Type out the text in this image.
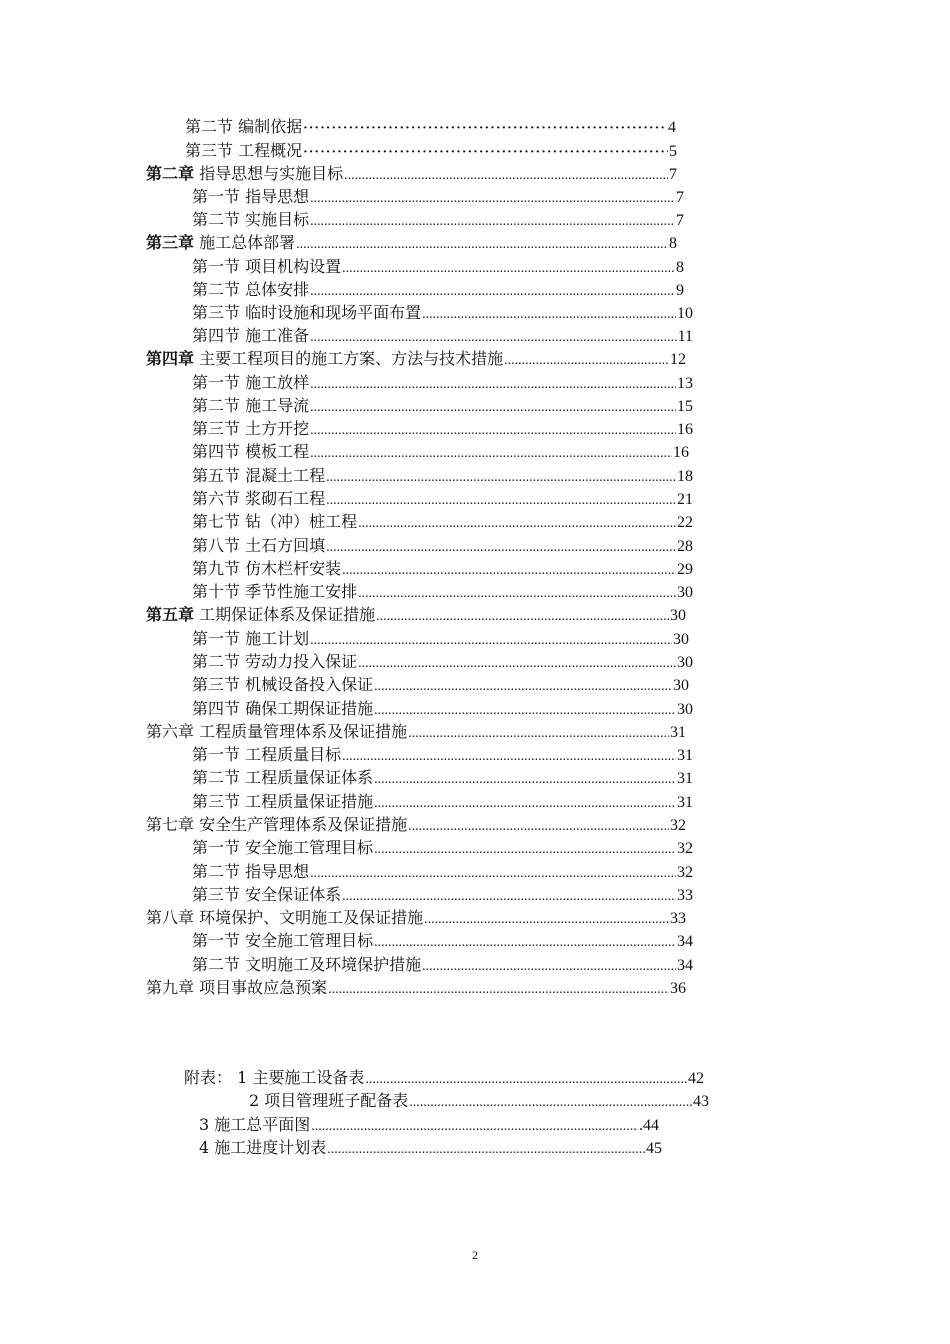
第二节 编制依据 ·····	4
第三节 工程概况 ·····	5
第二章 指导思想与实施目标 .....	7
第一节 指导思想 .....	7
第二节 实施目标 .....	7
第三章 施工总体部署 .....	8
第一节 项目机构设置 .....	8
第二节 总体安排 .....	9
第三节 临时设施和现场平面布置 .....	10
第四节 施工准备 .....	11
第四章 主要工程项目的施工方案、方法与技术措施 .....	12
第一节 施工放样 .....	13
第二节 施工导流 .....	15
第三节 土方开挖 .....	16
第四节 模板工程 .....	16
第五节 混凝土工程 .....	18
第六节 浆砌石工程 .....	21
第七节 钻（冲）桩工程 .....	22
第八节 土石方回填 .....	28
第九节 仿木栏杆安装 .....	29
第十节 季节性施工安排 .....	30
第五章 工期保证体系及保证措施 .....	30
第一节 施工计划 .....	30
第二节 劳动力投入保证 .....	30
第三节 机械设备投入保证 .....	30
第四节 确保工期保证措施 .....	30
第六章 工程质量管理体系及保证措施 .....	31
第一节 工程质量目标 .....	31
第二节 工程质量保证体系 .....	31
第三节 工程质量保证措施 .....	31
第七章 安全生产管理体系及保证措施 .....	32
第一节 安全施工管理目标 .....	32
第二节 指导思想 .....	32
第三节 安全保证体系 .....	33
第八章 环境保护、文明施工及保证措施 .....	33
第一节 安全施工管理目标 .....	34
第二节 文明施工及环境保护措施 .....	34
第九章 项目事故应急预案 .....	36
附表： 1 主要施工设备表 .....	42
2 项目管理班子配备表 .....	43
3 施工总平面图 .....	.44
4 施工进度计划表 .....	45
2
